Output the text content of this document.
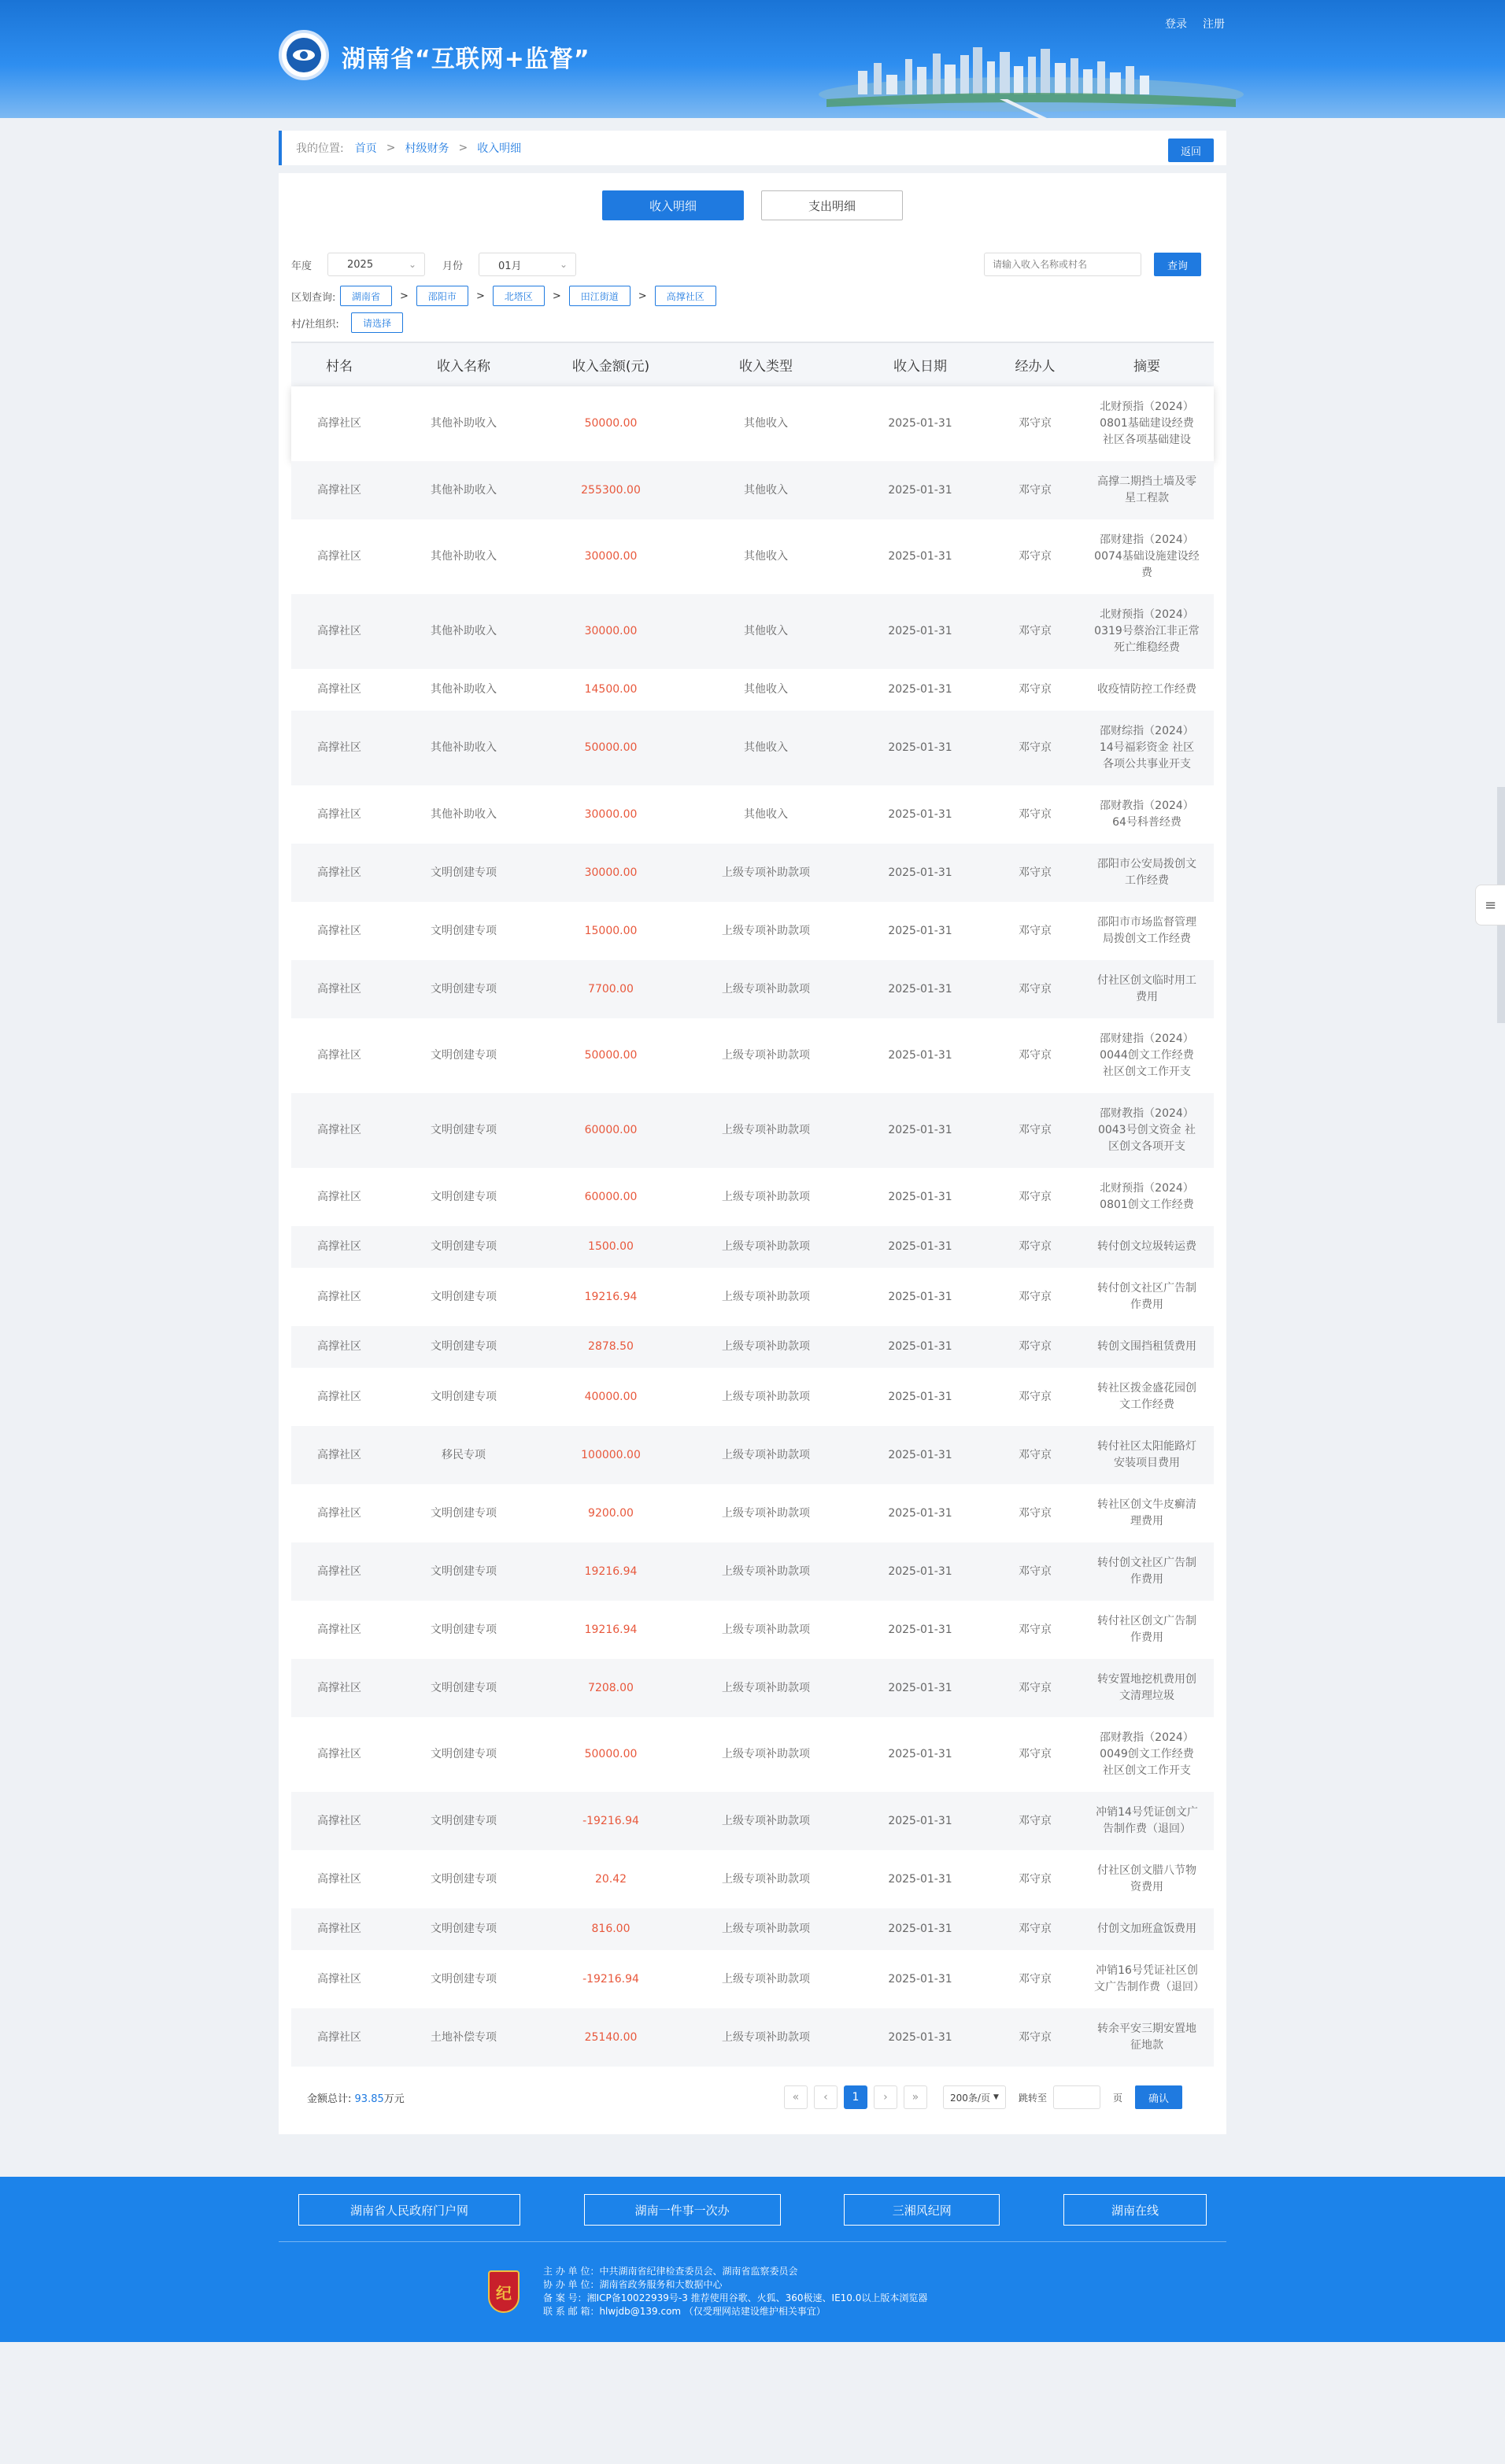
湖南省“互联网+监督”
登录 注册
我的位置: 首页 > 村级财务 > 收入明细	返回
收入明细	支出明细
年度	2025	⌄	月份	01月	⌄
请输入收入名称或村名	查询
区划查询:	湖南省	>	邵阳市	>	北塔区	>	田江街道	>	高撑社区
村/社组织:	请选择
村名	收入名称	收入金额(元)	收入类型	收入日期	经办人	摘要
高撑社区	其他补助收入	50000.00	其他收入	2025-01-31	邓守京	北财预指（2024）0801基础建设经费 社区各项基础建设
高撑社区	其他补助收入	255300.00	其他收入	2025-01-31	邓守京	高撑二期挡土墙及零星工程款
高撑社区	其他补助收入	30000.00	其他收入	2025-01-31	邓守京	邵财建指（2024）0074基础设施建设经费
高撑社区	其他补助收入	30000.00	其他收入	2025-01-31	邓守京	北财预指（2024）0319号蔡治江非正常死亡维稳经费
高撑社区	其他补助收入	14500.00	其他收入	2025-01-31	邓守京	收疫情防控工作经费
高撑社区	其他补助收入	50000.00	其他收入	2025-01-31	邓守京	邵财综指（2024）14号福彩资金 社区各项公共事业开支
高撑社区	其他补助收入	30000.00	其他收入	2025-01-31	邓守京	邵财教指（2024）64号科普经费
高撑社区	文明创建专项	30000.00	上级专项补助款项	2025-01-31	邓守京	邵阳市公安局拨创文工作经费
高撑社区	文明创建专项	15000.00	上级专项补助款项	2025-01-31	邓守京	邵阳市市场监督管理局拨创文工作经费
高撑社区	文明创建专项	7700.00	上级专项补助款项	2025-01-31	邓守京	付社区创文临时用工费用
高撑社区	文明创建专项	50000.00	上级专项补助款项	2025-01-31	邓守京	邵财建指（2024）0044创文工作经费 社区创文工作开支
高撑社区	文明创建专项	60000.00	上级专项补助款项	2025-01-31	邓守京	邵财教指（2024）0043号创文资金 社区创文各项开支
高撑社区	文明创建专项	60000.00	上级专项补助款项	2025-01-31	邓守京	北财预指（2024）0801创文工作经费
高撑社区	文明创建专项	1500.00	上级专项补助款项	2025-01-31	邓守京	转付创文垃圾转运费
高撑社区	文明创建专项	19216.94	上级专项补助款项	2025-01-31	邓守京	转付创文社区广告制作费用
高撑社区	文明创建专项	2878.50	上级专项补助款项	2025-01-31	邓守京	转创文围挡租赁费用
高撑社区	文明创建专项	40000.00	上级专项补助款项	2025-01-31	邓守京	转社区拨金盛花园创文工作经费
高撑社区	移民专项	100000.00	上级专项补助款项	2025-01-31	邓守京	转付社区太阳能路灯安装项目费用
高撑社区	文明创建专项	9200.00	上级专项补助款项	2025-01-31	邓守京	转社区创文牛皮癣清理费用
高撑社区	文明创建专项	19216.94	上级专项补助款项	2025-01-31	邓守京	转付创文社区广告制作费用
高撑社区	文明创建专项	19216.94	上级专项补助款项	2025-01-31	邓守京	转付社区创文广告制作费用
高撑社区	文明创建专项	7208.00	上级专项补助款项	2025-01-31	邓守京	转安置地挖机费用创文清理垃圾
高撑社区	文明创建专项	50000.00	上级专项补助款项	2025-01-31	邓守京	邵财教指（2024）0049创文工作经费 社区创文工作开支
高撑社区	文明创建专项	-19216.94	上级专项补助款项	2025-01-31	邓守京	冲销14号凭证创文广告制作费（退回）
高撑社区	文明创建专项	20.42	上级专项补助款项	2025-01-31	邓守京	付社区创文腊八节物资费用
高撑社区	文明创建专项	816.00	上级专项补助款项	2025-01-31	邓守京	付创文加班盒饭费用
高撑社区	文明创建专项	-19216.94	上级专项补助款项	2025-01-31	邓守京	冲销16号凭证社区创文广告制作费（退回）
高撑社区	土地补偿专项	25140.00	上级专项补助款项	2025-01-31	邓守京	转余平安三期安置地征地款
金额总计: 93.85万元	«	‹	1	›	»	200条/页 ▼ 跳转至	页	确认
湖南省人民政府门户网	湖南一件事一次办	三湘风纪网	湖南在线
纪
主 办 单 位：中共湖南省纪律检查委员会、湖南省监察委员会
协 办 单 位：湖南省政务服务和大数据中心
备 案 号：湘ICP备10022939号-3 推荐使用谷歌、火狐、360极速、IE10.0以上版本浏览器
联 系 邮 箱：hlwjdb@139.com （仅受理网站建设维护相关事宜）
≡
